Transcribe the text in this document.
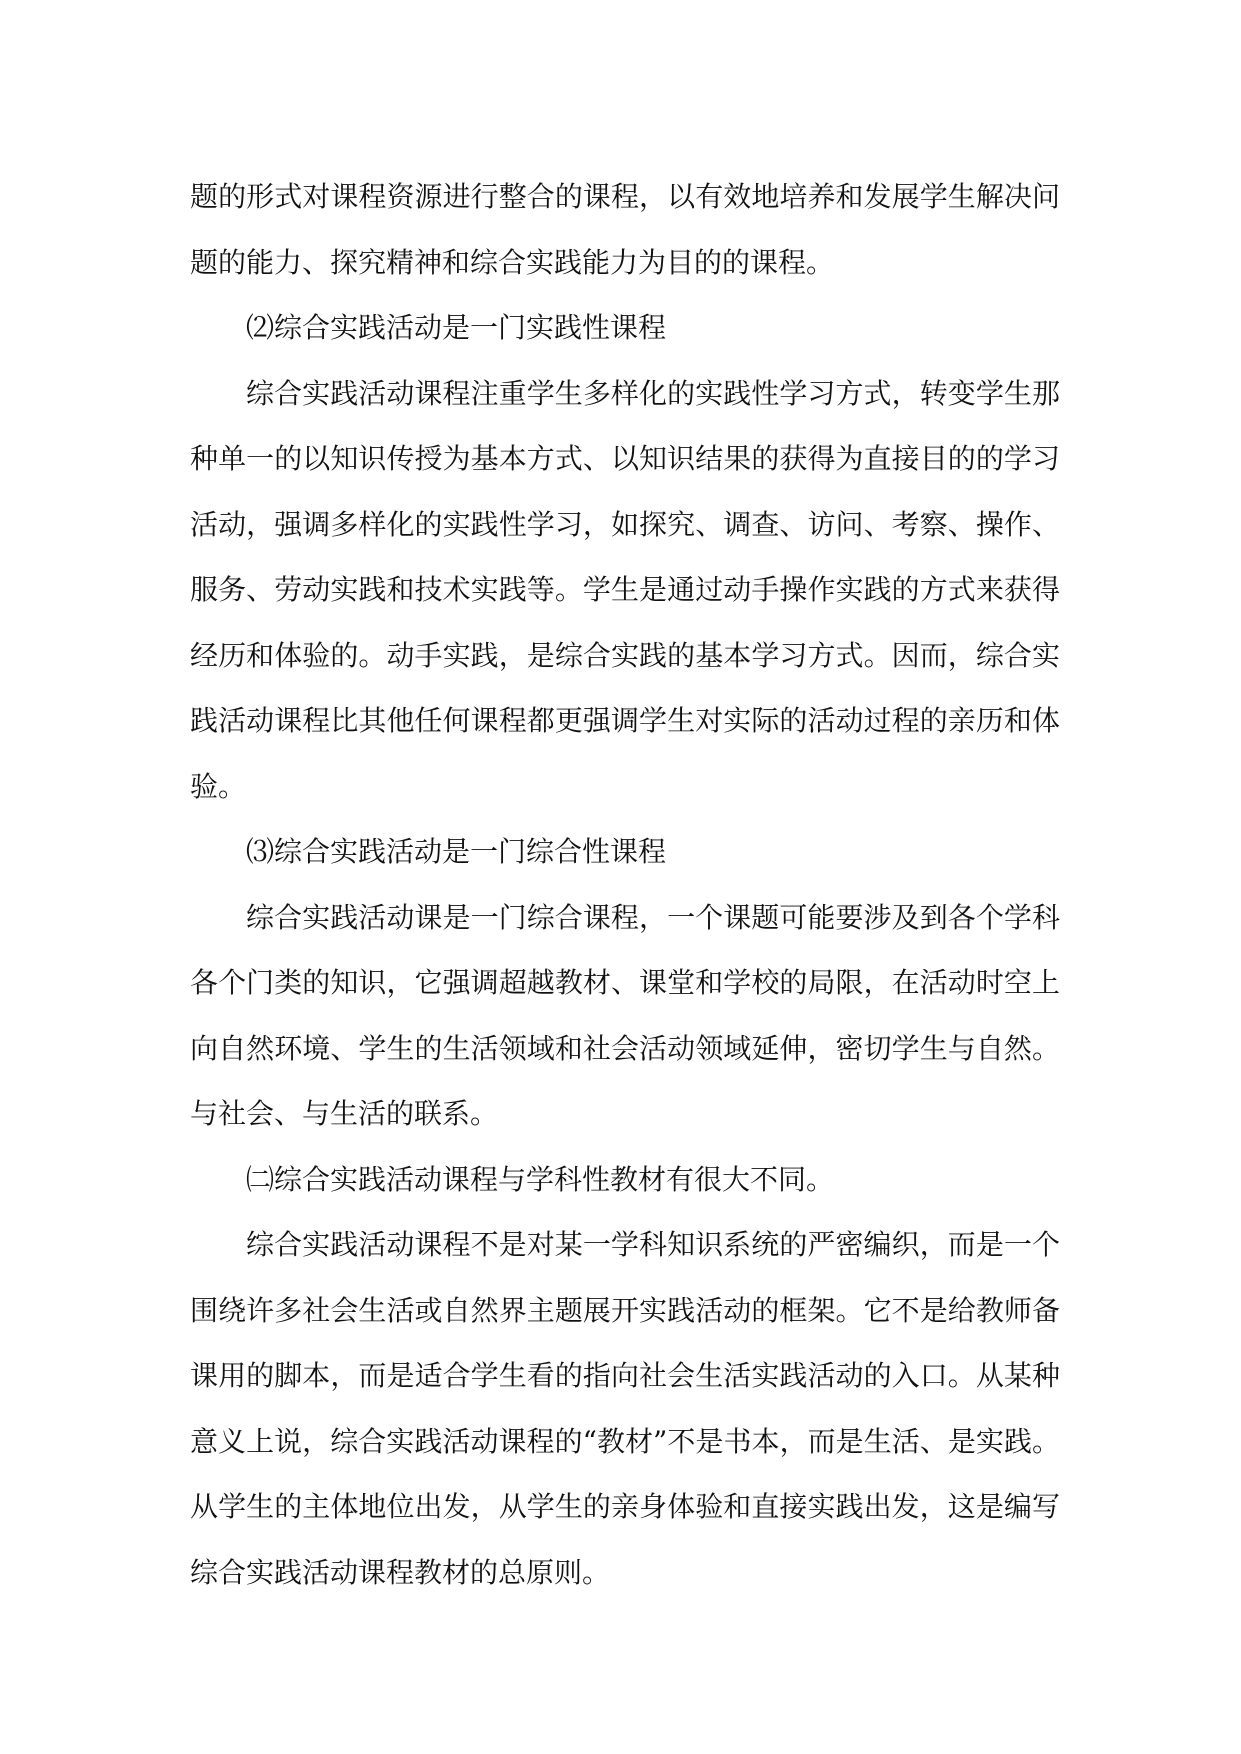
题的形式对课程资源进行整合的课程，以有效地培养和发展学生解决问题的能力、探究精神和综合实践能力为目的的课程。

⑵综合实践活动是一门实践性课程

综合实践活动课程注重学生多样化的实践性学习方式，转变学生那种单一的以知识传授为基本方式、以知识结果的获得为直接目的的学习活动，强调多样化的实践性学习，如探究、调查、访问、考察、操作、服务、劳动实践和技术实践等。学生是通过动手操作实践的方式来获得经历和体验的。动手实践，是综合实践的基本学习方式。因而，综合实践活动课程比其他任何课程都更强调学生对实际的活动过程的亲历和体验。

⑶综合实践活动是一门综合性课程

综合实践活动课是一门综合课程，一个课题可能要涉及到各个学科各个门类的知识，它强调超越教材、课堂和学校的局限，在活动时空上向自然环境、学生的生活领域和社会活动领域延伸，密切学生与自然。与社会、与生活的联系。

㈡综合实践活动课程与学科性教材有很大不同。

综合实践活动课程不是对某一学科知识系统的严密编织，而是一个围绕许多社会生活或自然界主题展开实践活动的框架。它不是给教师备课用的脚本，而是适合学生看的指向社会生活实践活动的入口。从某种意义上说，综合实践活动课程的“教材”不是书本，而是生活、是实践。从学生的主体地位出发，从学生的亲身体验和直接实践出发，这是编写综合实践活动课程教材的总原则。
